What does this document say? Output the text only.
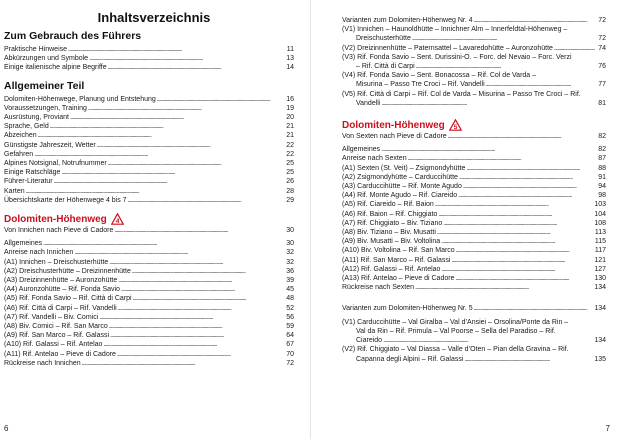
Inhaltsverzeichnis
Zum Gebrauch des Führers
Praktische Hinweise . . .	11
Abkürzungen und Symbole . . .	13
Einige italienische alpine Begriffe . . .	14
Allgemeiner Teil
Dolomiten-Höhenwege, Planung und Entstehung . . .	16
Voraussetzungen, Training . . .	19
Ausrüstung, Proviant . . .	20
Sprache, Geld . . .	21
Abzeichen . . .	21
Günstigste Jahreszeit, Wetter . . .	22
Gefahren . . .	22
Alpines Notsignal, Notrufnummer . . .	25
Einige Ratschläge . . .	25
Führer-Literatur . . .	26
Karten . . .	28
Übersichtskarte der Höhenwege 4 bis 7 . . .	29
Dolomiten-Höhenweg 4
Von Innichen nach Pieve di Cadore . . .	30
Allgemeines . . .	30
Anreise nach Innichen . . .	32
(A1) Innichen – Dreischusterhütte . . .	32
(A2) Dreischusterhütte – Dreizinnenhütte . . .	36
(A3) Dreizinnenhütte – Auronzohütte . . .	39
(A4) Auronzohütte – Rif. Fonda Savio . . .	45
(A5) Rif. Fonda Savio – Rif. Città di Carpi . . .	48
(A6) Rif. Città di Carpi – Rif. Vandelli . . .	52
(A7) Rif. Vandelli – Biv. Comici . . .	56
(A8) Biv. Comici – Rif. San Marco . . .	59
(A9) Rif. San Marco – Rif. Galassi . . .	64
(A10) Rif. Galassi – Rif. Antelao . . .	67
(A11) Rif. Antelao – Pieve di Cadore . . .	70
Rückreise nach Innichen . . .	72
6
Varianten zum Dolomiten-Höhenweg Nr. 4 . . .	72
(V1) Innichen – Haunoldhütte – Innichner Alm – Innerfeldtal-Höhenweg –
Dreischusterhütte . . .	72
(V2) Dreizinnenhütte – Paternsattel – Lavaredohütte – Auronzohütte . . .	74
(V3) Rif. Fonda Savio – Sent. Durissini-O. – Forc. del Nevaio – Forc. Verzi
– Rif. Città di Carpi . . .	76
(V4) Rif. Fonda Savio – Sent. Bonacossa – Rif. Col de Varda –
Misurina – Passo Tre Croci – Rif. Vandelli . . .	77
(V5) Rif. Città di Carpi – Rif. Col de Varda – Misurina – Passo Tre Croci – Rif.
Vandelli . . .	81
Dolomiten-Höhenweg 5
Von Sexten nach Pieve di Cadore . . .	82
Allgemeines . . .	82
Anreise nach Sexten . . .	87
(A1) Sexten (St. Veit) – Zsigmondyhütte . . .	88
(A2) Zsigmondyhütte – Carduccihütte . . .	91
(A3) Carduccihütte – Rif. Monte Agudo . . .	94
(A4) Rif. Monte Agudo – Rif. Ciareido . . .	98
(A5) Rif. Ciareido – Rif. Baion . . .	103
(A6) Rif. Baion – Rif. Chiggiato . . .	104
(A7) Rif. Chiggiato – Biv. Tiziano . . .	108
(A8) Biv. Tiziano – Biv. Musatti . . .	113
(A9) Biv. Musatti – Biv. Voltolina . . .	115
(A10) Biv. Voltolina – Rif. San Marco . . .	117
(A11) Rif. San Marco – Rif. Galassi . . .	121
(A12) Rif. Galassi – Rif. Antelao . . .	127
(A13) Rif. Antelao – Pieve di Cadore . . .	130
Rückreise nach Sexten . . .	134
Varianten zum Dolomiten-Höhenweg Nr. 5 . . .	134
(V1) Carduccihütte – Val Giralba – Val d’Ansiei – Orsolina/Ponte da Rin –
Val da Rin – Rif. Primula – Val Poorse – Sella del Paradiso – Rif.
Ciareido . . .	134
(V2) Rif. Chiggiato – Val Diassa – Valle d’Oten – Pian della Gravina – Rif.
Capanna degli Alpini – Rif. Galassi . . .	135
7
